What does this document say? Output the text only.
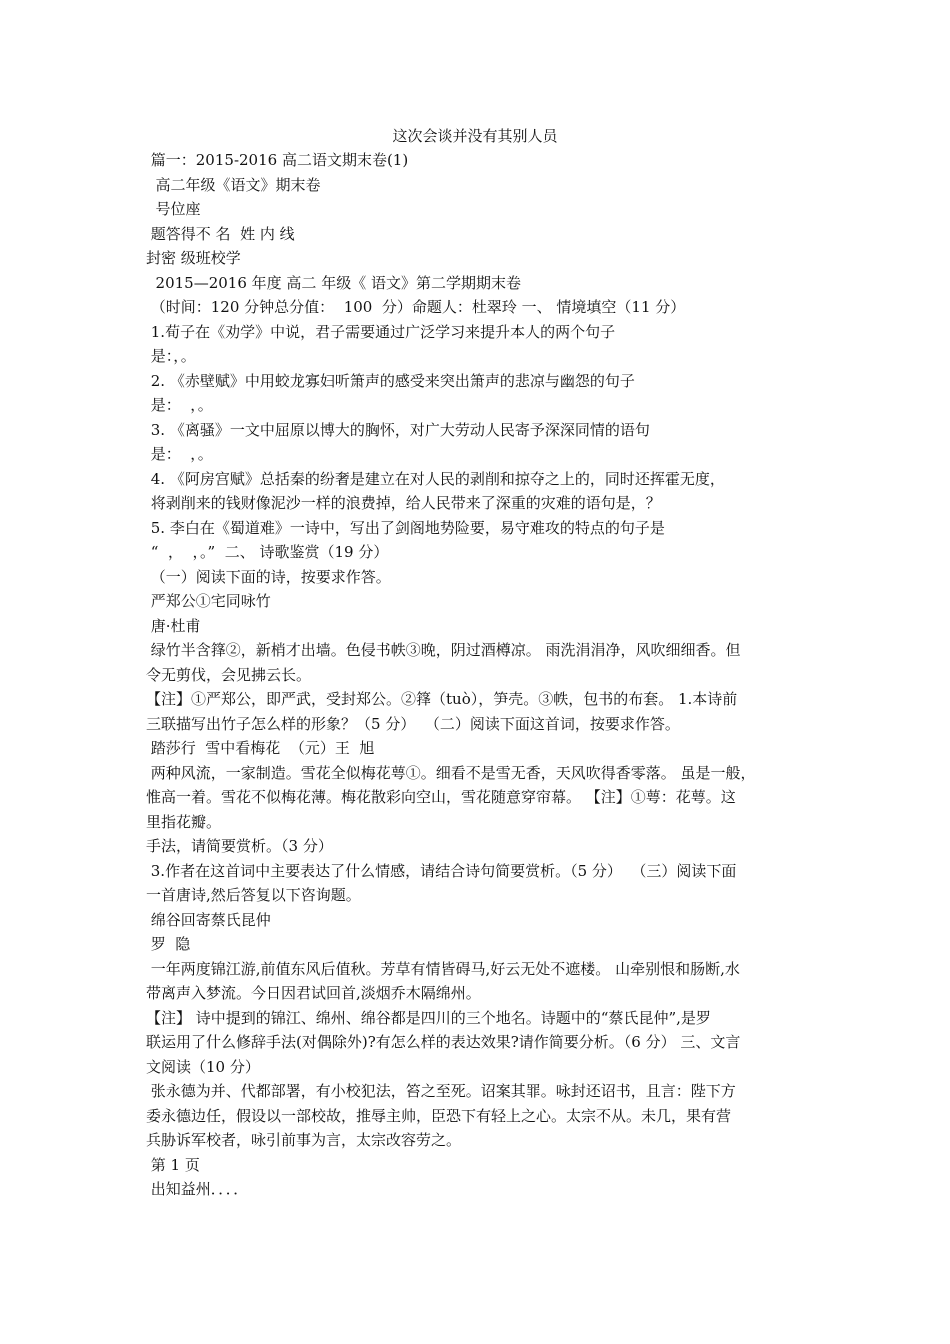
这次会谈并没有其别人员
篇一：2015-2016 高二语文期末卷(1)
高二年级《语文》期末卷
号位座
题答得不 名  姓 内 线
封密 级班校学
2015—2016 年度 高二 年级《 语文》第二学期期末卷
（时间：120 分钟总分值：  100  分）命题人：杜翠玲 一、 情境填空（11 分）
1.荀子在《劝学》中说，君子需要通过广泛学习来提升本人的两个句子
是：，。
2. 《赤壁赋》中用蛟龙寡妇听箫声的感受来突出箫声的悲凉与幽怨的句子
是：  ，。
3. 《离骚》一文中屈原以博大的胸怀，对广大劳动人民寄予深深同情的语句
是：  ，。
4. 《阿房宫赋》总括秦的纷奢是建立在对人民的剥削和掠夺之上的，同时还挥霍无度，
将剥削来的钱财像泥沙一样的浪费掉，给人民带来了深重的灾难的语句是，？
5. 李白在《蜀道难》一诗中，写出了剑阁地势险要，易守难攻的特点的句子是
“  ，  ，。”  二、 诗歌鉴赏（19 分）
（一）阅读下面的诗，按要求作答。
严郑公①宅同咏竹
唐·杜甫
绿竹半含箨②，新梢才出墙。色侵书帙③晚，阴过酒樽凉。 雨洗涓涓净，风吹细细香。但
令无剪伐，会见拂云长。
【注】①严郑公，即严武，受封郑公。②箨（tuò），笋壳。③帙，包书的布套。 1.本诗前
三联描写出竹子怎么样的形象？（5 分）  （二）阅读下面这首词，按要求作答。
踏莎行  雪中看梅花  （元）王  旭
两种风流，一家制造。雪花全似梅花萼①。细看不是雪无香，天风吹得香零落。 虽是一般，
惟高一着。雪花不似梅花薄。梅花散彩向空山，雪花随意穿帘幕。 【注】①萼：花萼。这
里指花瓣。
手法，请简要赏析。（3 分）
3.作者在这首词中主要表达了什么情感，请结合诗句简要赏析。（5 分）  （三）阅读下面
一首唐诗,然后答复以下咨询题。
绵谷回寄蔡氏昆仲
罗  隐
一年两度锦江游,前值东风后值秋。芳草有情皆碍马,好云无处不遮楼。 山牵别恨和肠断,水
带离声入梦流。今日因君试回首,淡烟乔木隔绵州。
【注】 诗中提到的锦江、绵州、绵谷都是四川的三个地名。诗题中的“蔡氏昆仲”,是罗
联运用了什么修辞手法(对偶除外)?有怎么样的表达效果?请作简要分析。（6 分） 三、文言
文阅读（10 分）
张永德为并、代都部署，有小校犯法，笞之至死。诏案其罪。咏封还诏书，且言：陛下方
委永德边任，假设以一部校故，推辱主帅，臣恐下有轻上之心。太宗不从。未几，果有营
兵胁诉军校者，咏引前事为言，太宗改容劳之。
第 1 页
出知益州．．．．
